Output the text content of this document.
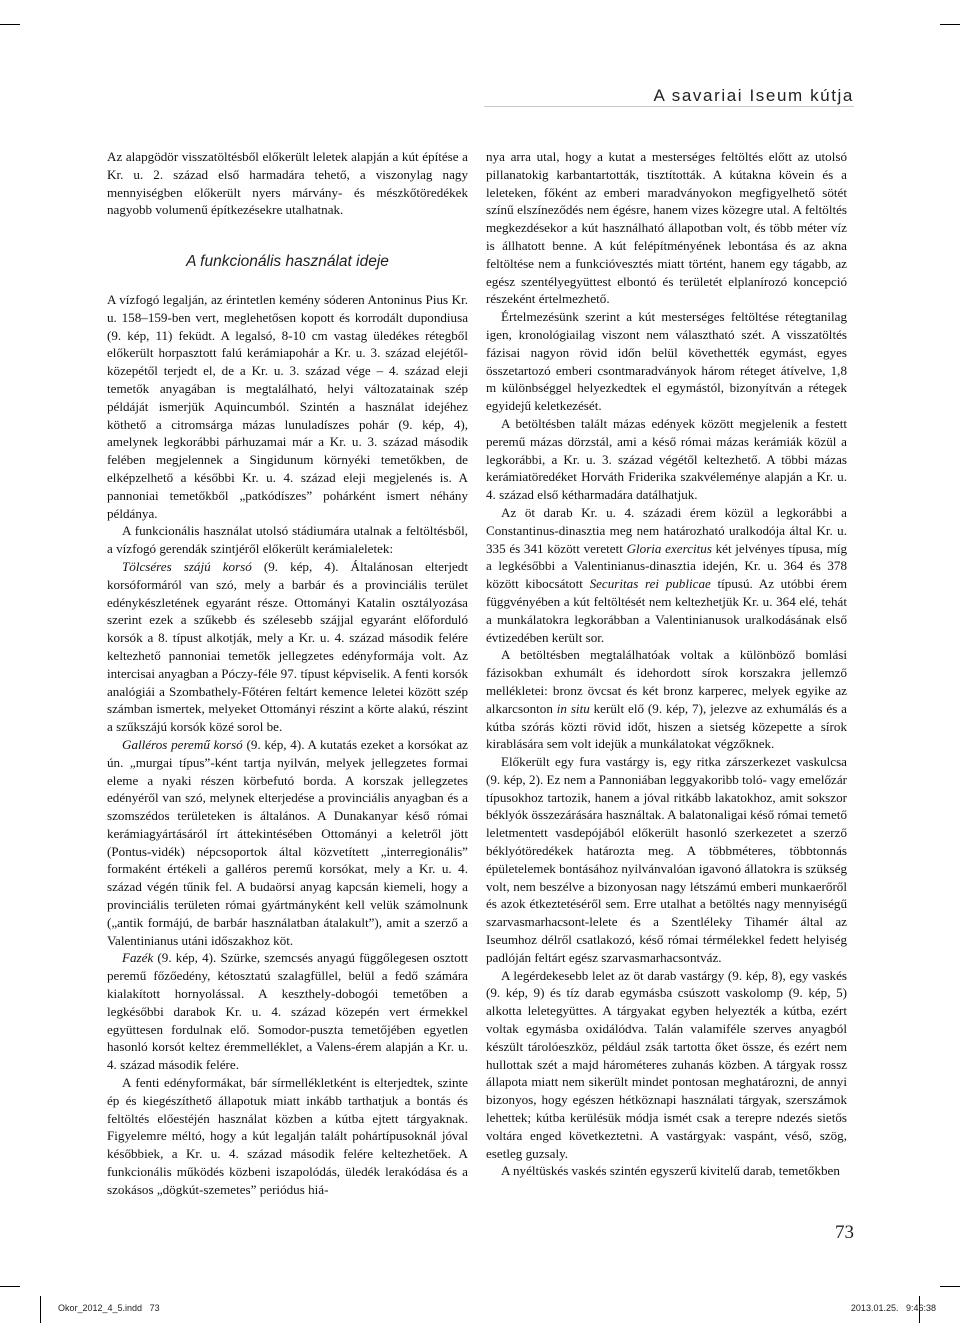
A savariai Iseum kútja

Az alapgödör visszatöltésből előkerült leletek alapján a kút építése a Kr. u. 2. század első harmadára tehető, a viszonylag nagy mennyiségben előkerült nyers márvány- és mészkőtöredékek nagyobb volumenű építkezésekre utalhatnak.

A funkcionális használat ideje

A vízfogó legalján, az érintetlen kemény sóderen Antoninus Pius Kr. u. 158–159-ben vert, meglehetősen kopott és korrodált dupondiusa (9. kép, 11) feküdt. A legalsó, 8-10 cm vastag üledékes rétegből előkerült horpasztott falú kerámiapohár a Kr. u. 3. század elejétől-közepétől terjedt el, de a Kr. u. 3. század vége – 4. század eleji temetők anyagában is megtalálható, helyi változatainak szép példáját ismerjük Aquincumból. Szintén a használat idejéhez köthető a citromsárga mázas lunuladíszes pohár (9. kép, 4), amelynek legkorábbi párhuzamai már a Kr. u. 3. század második felében megjelennek a Singidunum környéki temetőkben, de elképzelhető a későbbi Kr. u. 4. század eleji megjelenés is. A pannoniai temetőkből „patkódíszes” pohárként ismert néhány példánya.

A funkcionális használat utolsó stádiumára utalnak a feltöltésből, a vízfogó gerendák szintjéről előkerült kerámialeletek:

Tölcséres szájú korsó (9. kép, 4). Általánosan elterjedt korsóformáról van szó, mely a barbár és a provinciális terület edénykészletének egyaránt része. Ottományi Katalin osztályozása szerint ezek a szűkebb és szélesebb szájjal egyaránt előforduló korsók a 8. típust alkotják, mely a Kr. u. 4. század második felére keltezhető pannoniai temetők jellegzetes edényformája volt. Az intercisai anyagban a Póczy-féle 97. típust képviselik. A fenti korsók analógiái a Szombathely-Főtéren feltárt kemence leletei között szép számban ismertek, melyeket Ottományi részint a körte alakú, részint a szűkszájú korsók közé sorol be.

Galléros peremű korsó (9. kép, 4). A kutatás ezeket a korsókat az ún. „murgai típus”-ként tartja nyilván, melyek jellegzetes formai eleme a nyaki részen körbefutó borda. A korszak jellegzetes edényéről van szó, melynek elterjedése a provinciális anyagban és a szomszédos területeken is általános. A Dunakanyar késő római kerámiagyártásáról írt áttekintésében Ottományi a keletről jött (Pontus-vidék) népcsoportok által közvetített „interregionális” formaként értékeli a galléros peremű korsókat, mely a Kr. u. 4. század végén tűnik fel. A budaörsi anyag kapcsán kiemeli, hogy a provinciális területen római gyártmányként kell velük számolnunk („antik formájú, de barbár használatban átalakult”), amit a szerző a Valentinianus utáni időszakhoz köt.

Fazék (9. kép, 4). Szürke, szemcsés anyagú függőlegesen osztott peremű főzőedény, kétosztatú szalagfüllel, belül a fedő számára kialakított hornyolással. A keszthely-dobogói temetőben a legkésőbbi darabok Kr. u. 4. század közepén vert érmekkel együttesen fordulnak elő. Somodor-puszta temetőjében egyetlen hasonló korsót keltez éremmelléklet, a Valens-érem alapján a Kr. u. 4. század második felére.

A fenti edényformákat, bár sírmellékletként is elterjedtek, szinte ép és kiegészíthető állapotuk miatt inkább tarthatjuk a bontás és feltöltés előestéjén használat közben a kútba ejtett tárgyaknak. Figyelemre méltó, hogy a kút legalján talált pohártípusoknál jóval későbbiek, a Kr. u. 4. század második felére keltezhetőek. A funkcionális működés közbeni iszapolódás, üledék lerakódása és a szokásos „dögkút-szemetes” periódus hiá-

nya arra utal, hogy a kutat a mesterséges feltöltés előtt az utolsó pillanatokig karbantartották, tisztították. A kútakna kövein és a leleteken, főként az emberi maradványokon megfigyelhető sötét színű elszíneződés nem égésre, hanem vizes közegre utal. A feltöltés megkezdésekor a kút használható állapotban volt, és több méter víz is állhatott benne. A kút felépítményének lebontása és az akna feltöltése nem a funkcióvesztés miatt történt, hanem egy tágabb, az egész szentélyegyüttest elbontó és területét elplanírozó koncepció részeként értelmezhető.

Értelmezésünk szerint a kút mesterséges feltöltése rétegtanilag igen, kronológiailag viszont nem választható szét. A visszatöltés fázisai nagyon rövid időn belül követhették egymást, egyes összetartozó emberi csontmaradványok három réteget átívelve, 1,8 m különbséggel helyezkedtek el egymástól, bizonyítván a rétegek egyidejű keletkezését.

A betöltésben talált mázas edények között megjelenik a festett peremű mázas dörzstál, ami a késő római mázas kerámiák közül a legkorábbi, a Kr. u. 3. század végétől keltezhető. A többi mázas kerámiatöredéket Horváth Friderika szakvéleménye alapján a Kr. u. 4. század első kétharmadára datálhatjuk.

Az öt darab Kr. u. 4. századi érem közül a legkorábbi a Constantinus-dinasztia meg nem határozható uralkodója által Kr. u. 335 és 341 között veretett Gloria exercitus két jelvényes típusa, míg a legkésőbbi a Valentinianus-dinasztia idején, Kr. u. 364 és 378 között kibocsátott Securitas rei publicae típusú. Az utóbbi érem függvényében a kút feltöltését nem keltezhetjük Kr. u. 364 elé, tehát a munkálatokra legkorábban a Valentinianusok uralkodásának első évtizedében került sor.

A betöltésben megtalálhatóak voltak a különböző bomlási fázisokban exhumált és idehordott sírok korszakra jellemző mellékletei: bronz övcsat és két bronz karperec, melyek egyike az alkarcsonton in situ került elő (9. kép, 7), jelezve az exhumálás és a kútba szórás közti rövid időt, hiszen a sietség közepette a sírok kirablására sem volt idejük a munkálatokat végzőknek.

Előkerült egy fura vastárgy is, egy ritka zárszerkezet vaskulcsa (9. kép, 2). Ez nem a Pannoniában leggyakoribb toló- vagy emelőzár típusokhoz tartozik, hanem a jóval ritkább lakatokhoz, amit sokszor béklyók összezárására használtak. A balatonaligai késő római temető leletmentett vasdepójából előkerült hasonló szerkezetet a szerző béklyótöredékek határozta meg. A többméteres, többtonnás épületelemek bontásához nyilvánvalóan igavonó állatokra is szükség volt, nem beszélve a bizonyosan nagy létszámú emberi munkaerőről és azok étkeztetéséről sem. Erre utalhat a betöltés nagy mennyiségű szarvasmarhacsont-lelete és a Szentléleky Tihamér által az Iseumhoz délről csatlakozó, késő római térmélekkel fedett helyiség padlóján feltárt egész szarvasmarhacsontváz.

A legérdekesebb lelet az öt darab vastárgy (9. kép, 8), egy vaskés (9. kép, 9) és tíz darab egymásba csúszott vaskolomp (9. kép, 5) alkotta leletegyüttes. A tárgyakat egyben helyezték a kútba, ezért voltak egymásba oxidálódva. Talán valamiféle szerves anyagból készült tárolóeszköz, például zsák tartotta őket össze, és ezért nem hullottak szét a majd hárométeres zuhanás közben. A tárgyak rossz állapota miatt nem sikerült mindet pontosan meghatározni, de annyi bizonyos, hogy egészen hétköznapi használati tárgyak, szerszámok lehettek; kútba kerülésük módja ismét csak a terepre ndezés sietős voltára enged következtetni. A vastárgyak: vaspánt, véső, szög, esetleg guzsaly.

A nyéltüskés vaskés szintén egyszerű kivitelű darab, temetőkben

73
Okor_2012_4_5.indd   73	2013.01.25.   9:46:38
